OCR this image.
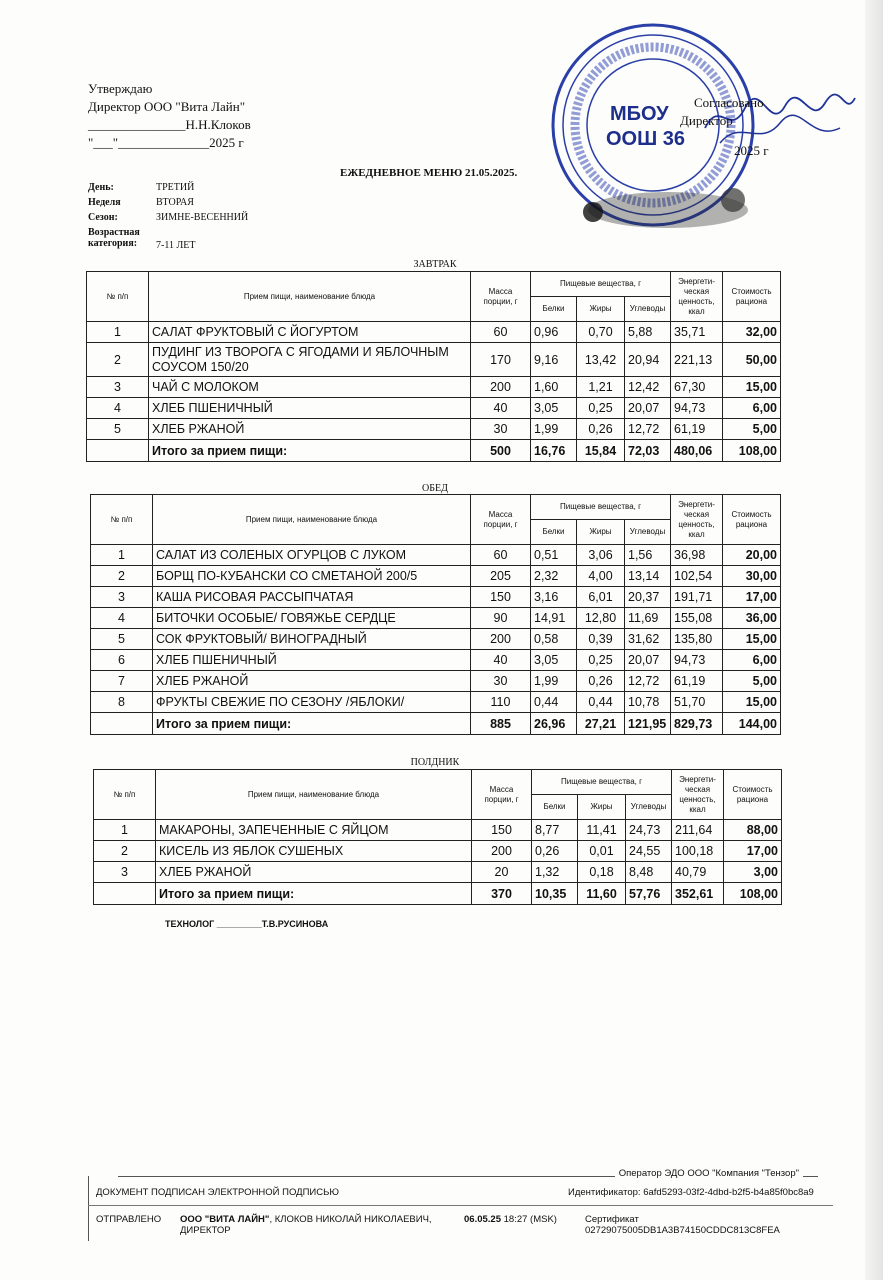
МБОУ
ООШ 36
Утверждаю
Директор ООО "Вита Лайн"
_______________Н.Н.Клоков
"___"______________2025 г
Согласовано
Директор
2025 г
ЕЖЕДНЕВНОЕ МЕНЮ 21.05.2025.
День:	ТРЕТИЙ
Неделя	ВТОРАЯ
Сезон:	ЗИМНЕ-ВЕСЕННИЙ
Возрастная
категория:	7-11 ЛЕТ
ЗАВТРАК
№ п/п	Прием пищи, наименование блюда	Масса порции, г	Пищевые вещества, г			Энергети-ческая ценность, ккал	Стоимость рациона
			Белки	Жиры	Углеводы		
1	САЛАТ ФРУКТОВЫЙ С ЙОГУРТОМ	60	0,96	0,70	5,88	35,71	32,00
2	ПУДИНГ ИЗ ТВОРОГА С ЯГОДАМИ И ЯБЛОЧНЫМ СОУСОМ 150/20	170	9,16	13,42	20,94	221,13	50,00
3	ЧАЙ С МОЛОКОМ	200	1,60	1,21	12,42	67,30	15,00
4	ХЛЕБ ПШЕНИЧНЫЙ	40	3,05	0,25	20,07	94,73	6,00
5	ХЛЕБ РЖАНОЙ	30	1,99	0,26	12,72	61,19	5,00
	Итого за прием пищи:	500	16,76	15,84	72,03	480,06	108,00
ОБЕД
№ п/п	Прием пищи, наименование блюда	Масса порции, г	Пищевые вещества, г			Энергети-ческая ценность, ккал	Стоимость рациона
			Белки	Жиры	Углеводы		
1	САЛАТ ИЗ СОЛЕНЫХ ОГУРЦОВ С ЛУКОМ	60	0,51	3,06	1,56	36,98	20,00
2	БОРЩ ПО-КУБАНСКИ СО СМЕТАНОЙ 200/5	205	2,32	4,00	13,14	102,54	30,00
3	КАША РИСОВАЯ РАССЫПЧАТАЯ	150	3,16	6,01	20,37	191,71	17,00
4	БИТОЧКИ ОСОБЫЕ/ ГОВЯЖЬЕ СЕРДЦЕ	90	14,91	12,80	11,69	155,08	36,00
5	СОК ФРУКТОВЫЙ/ ВИНОГРАДНЫЙ	200	0,58	0,39	31,62	135,80	15,00
6	ХЛЕБ ПШЕНИЧНЫЙ	40	3,05	0,25	20,07	94,73	6,00
7	ХЛЕБ РЖАНОЙ	30	1,99	0,26	12,72	61,19	5,00
8	ФРУКТЫ СВЕЖИЕ ПО СЕЗОНУ /ЯБЛОКИ/	110	0,44	0,44	10,78	51,70	15,00
	Итого за прием пищи:	885	26,96	27,21	121,95	829,73	144,00
ПОЛДНИК
№ п/п	Прием пищи, наименование блюда	Масса порции, г	Пищевые вещества, г			Энергети-ческая ценность, ккал	Стоимость рациона
			Белки	Жиры	Углеводы		
1	МАКАРОНЫ, ЗАПЕЧЕННЫЕ С ЯЙЦОМ	150	8,77	11,41	24,73	211,64	88,00
2	КИСЕЛЬ ИЗ ЯБЛОК СУШЕНЫХ	200	0,26	0,01	24,55	100,18	17,00
3	ХЛЕБ РЖАНОЙ	20	1,32	0,18	8,48	40,79	3,00
	Итого за прием пищи:	370	10,35	11,60	57,76	352,61	108,00
ТЕХНОЛОГ _________Т.В.РУСИНОВА
Оператор ЭДО ООО "Компания "Тензор"
ДОКУМЕНТ ПОДПИСАН ЭЛЕКТРОННОЙ ПОДПИСЬЮ	Идентификатор: 6afd5293-03f2-4dbd-b2f5-b4a85f0bc8a9
ОТПРАВЛЕНО ООО "ВИТА ЛАЙН", КЛОКОВ НИКОЛАЙ НИКОЛАЕВИЧ, ДИРЕКТОР
06.05.25 18:27 (MSK)	Сертификат 02729075005DB1A3B74150CDDC813C8FEA
